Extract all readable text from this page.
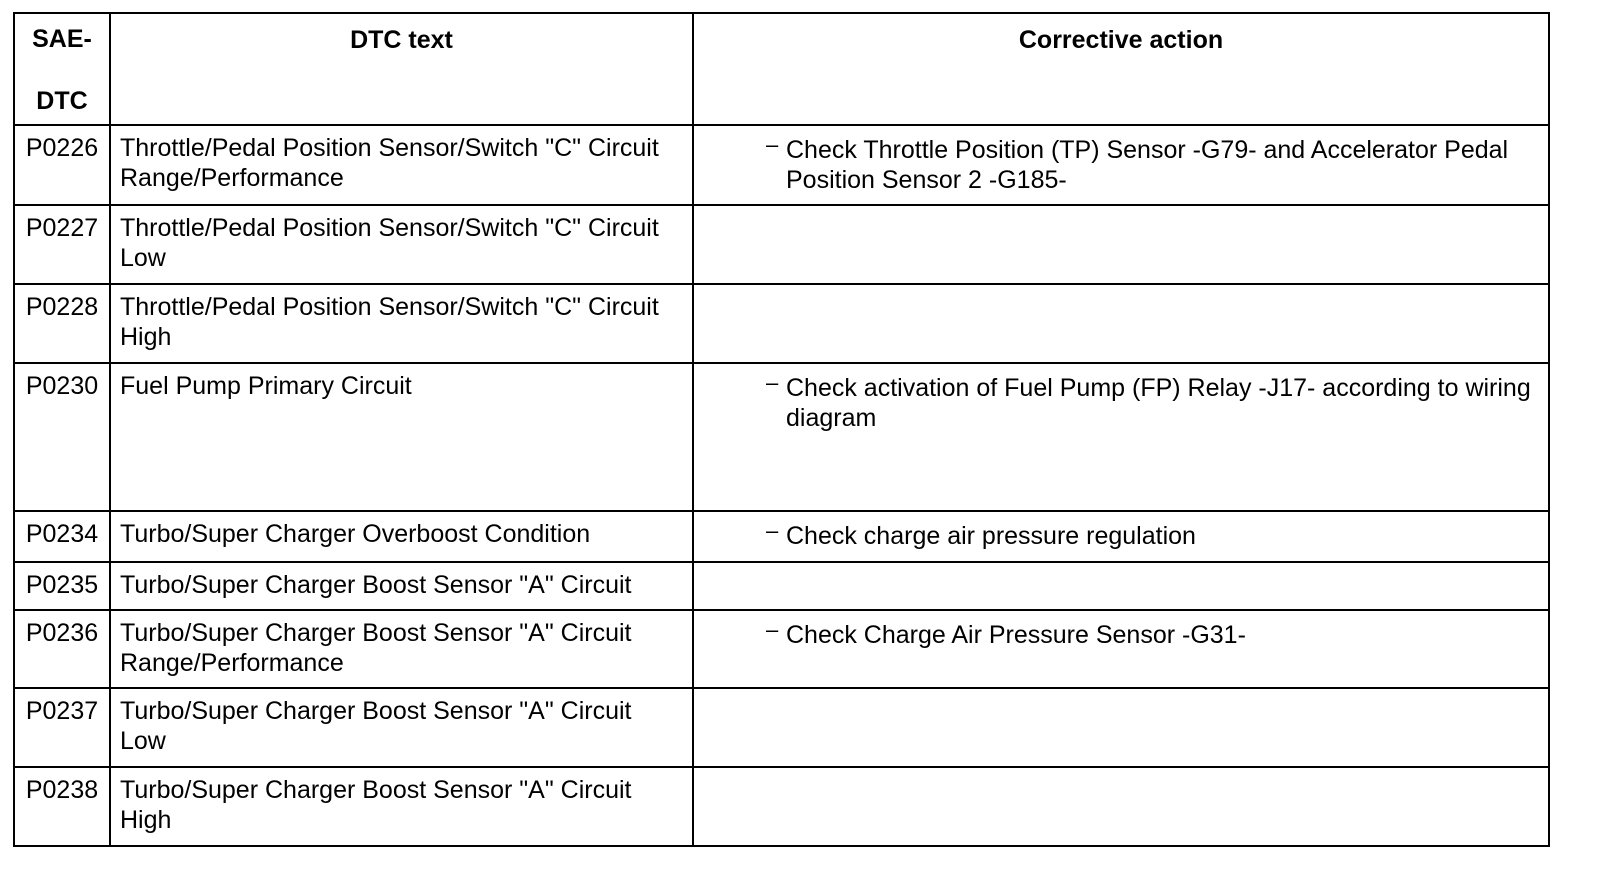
SAE-
DTC	DTC text	Corrective action
P0226	Throttle/Pedal Position Sensor/Switch "C" Circuit Range/Performance	– Check Throttle Position (TP) Sensor -G79- and Accelerator Pedal Position Sensor 2 -G185-

P0227	Throttle/Pedal Position Sensor/Switch "C" Circuit Low	
P0228	Throttle/Pedal Position Sensor/Switch "C" Circuit High	
P0230	Fuel Pump Primary Circuit	– Check activation of Fuel Pump (FP) Relay -J17- according to wiring diagram

P0234	Turbo/Super Charger Overboost Condition	– Check charge air pressure regulation

P0235	Turbo/Super Charger Boost Sensor "A" Circuit	
P0236	Turbo/Super Charger Boost Sensor "A" Circuit Range/Performance	– Check Charge Air Pressure Sensor -G31-

P0237	Turbo/Super Charger Boost Sensor "A" Circuit Low	
P0238	Turbo/Super Charger Boost Sensor "A" Circuit High	
